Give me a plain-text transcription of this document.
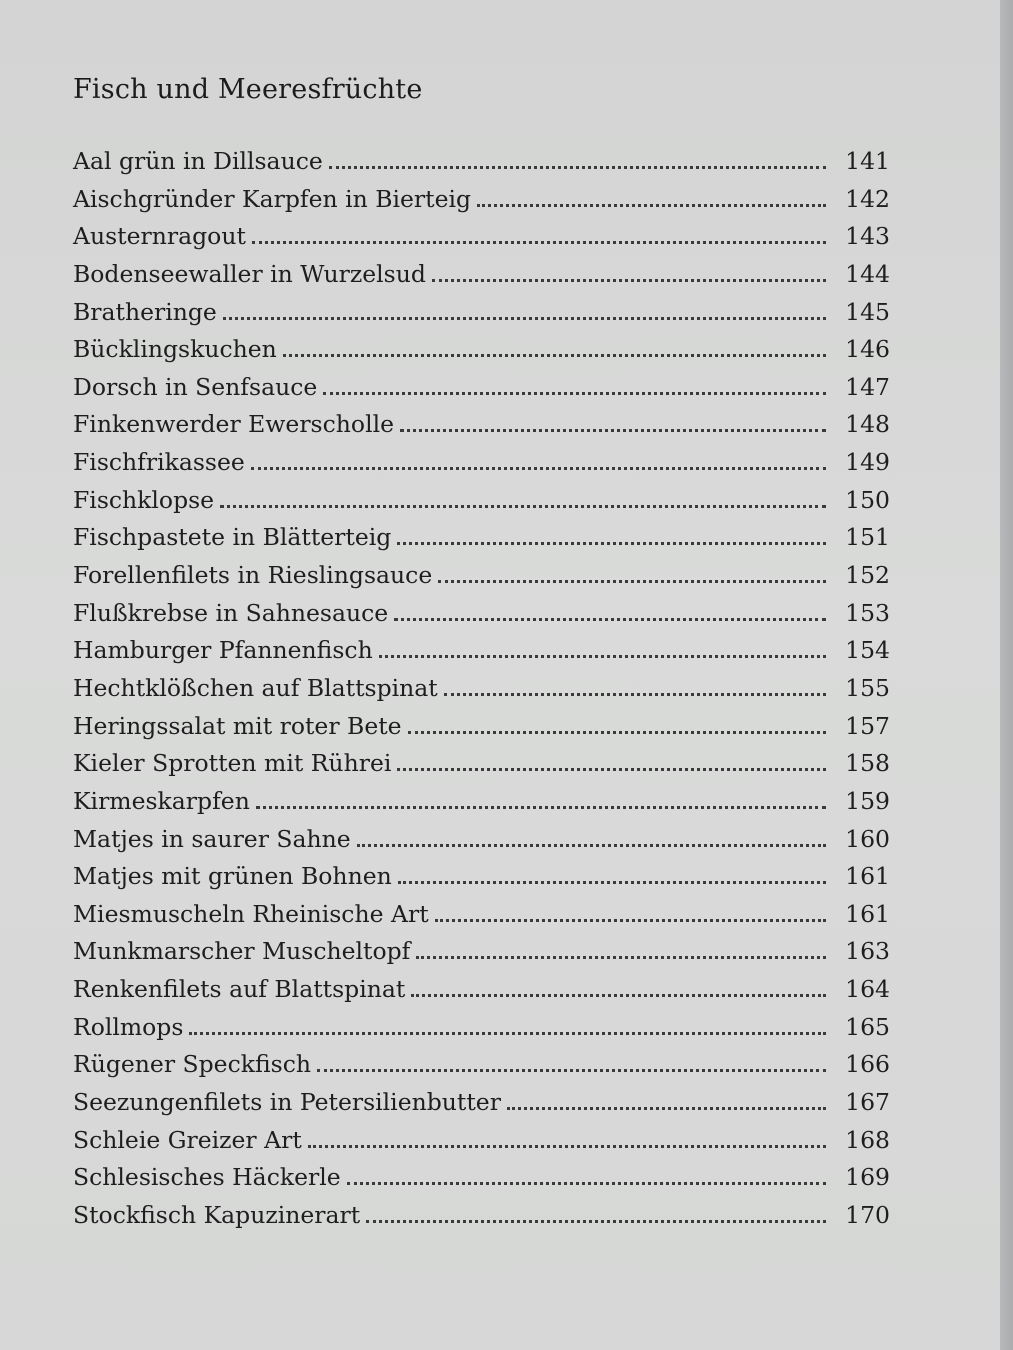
Fisch und Meeresfrüchte
Aal grün in Dillsauce	141
Aischgründer Karpfen in Bierteig	142
Austernragout	143
Bodenseewaller in Wurzelsud	144
Bratheringe	145
Bücklingskuchen	146
Dorsch in Senfsauce	147
Finkenwerder Ewerscholle	148
Fischfrikassee	149
Fischklopse	150
Fischpastete in Blätterteig	151
Forellenfilets in Rieslingsauce	152
Flußkrebse in Sahnesauce	153
Hamburger Pfannenfisch	154
Hechtklößchen auf Blattspinat	155
Heringssalat mit roter Bete	157
Kieler Sprotten mit Rührei	158
Kirmeskarpfen	159
Matjes in saurer Sahne	160
Matjes mit grünen Bohnen	161
Miesmuscheln Rheinische Art	161
Munkmarscher Muscheltopf	163
Renkenfilets auf Blattspinat	164
Rollmops	165
Rügener Speckfisch	166
Seezungenfilets in Petersilienbutter	167
Schleie Greizer Art	168
Schlesisches Häckerle	169
Stockfisch Kapuzinerart	170
